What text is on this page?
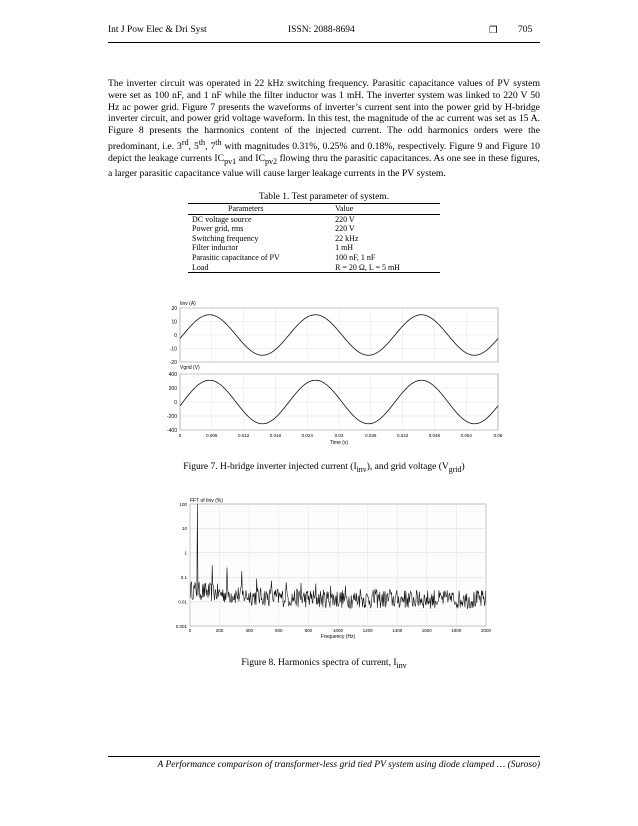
Int J Pow Elec & Dri Syst	ISSN: 2088-8694	❐ 705
The inverter circuit was operated in 22 kHz switching frequency. Parasitic capacitance values of PV system were set as 100 nF, and 1 nF while the filter inductor was 1 mH. The inverter system was linked to 220 V 50 Hz ac power grid. Figure 7 presents the waveforms of inverter’s current sent into the power grid by H-bridge inverter circuit, and power grid voltage waveform. In this test, the magnitude of the ac current was set as 15 A. Figure 8 presents the harmonics content of the injected current. The odd harmonics orders were the predominant, i.e. 3rd, 5th, 7th with magnitudes 0.31%, 0.25% and 0.18%, respectively. Figure 9 and Figure 10 depict the leakage currents $IC_{pv1}$ and $IC_{pv2}$ flowing thru the parasitic capacitances. As one see in these figures, a larger parasitic capacitance value will cause larger leakage currents in the PV system.
Table 1. Test parameter of system.
Parameters	Value
DC voltage source	220 V
Power grid, rms	220 V
Switching frequency	22 kHz
Filter inductor	1 mH
Parasitic capacitance of PV	100 nF, 1 nF
Load	R = 20 Ω, L = 5 mH
Iinv (A)
20
10
0
-10
-20
Vgrid (V)
400
200
0
-200
-400
0	0.006	0.012	0.018	0.024	0.03	0.036	0.042	0.048	0.054	0.06
Time (s)
Figure 7. H-bridge inverter injected current $(I_{inv})$, and grid voltage $(V_{grid})$
FFT of Iinv (%)
100
10
1
0.1
0.01
0.001
0	200	400	600	800	1000	1200	1400	1600	1800	2000
Frequency (Hz)
Figure 8. Harmonics spectra of current, $I_{inv}$
A Performance comparison of transformer-less grid tied PV system using diode clamped … (Suroso)
